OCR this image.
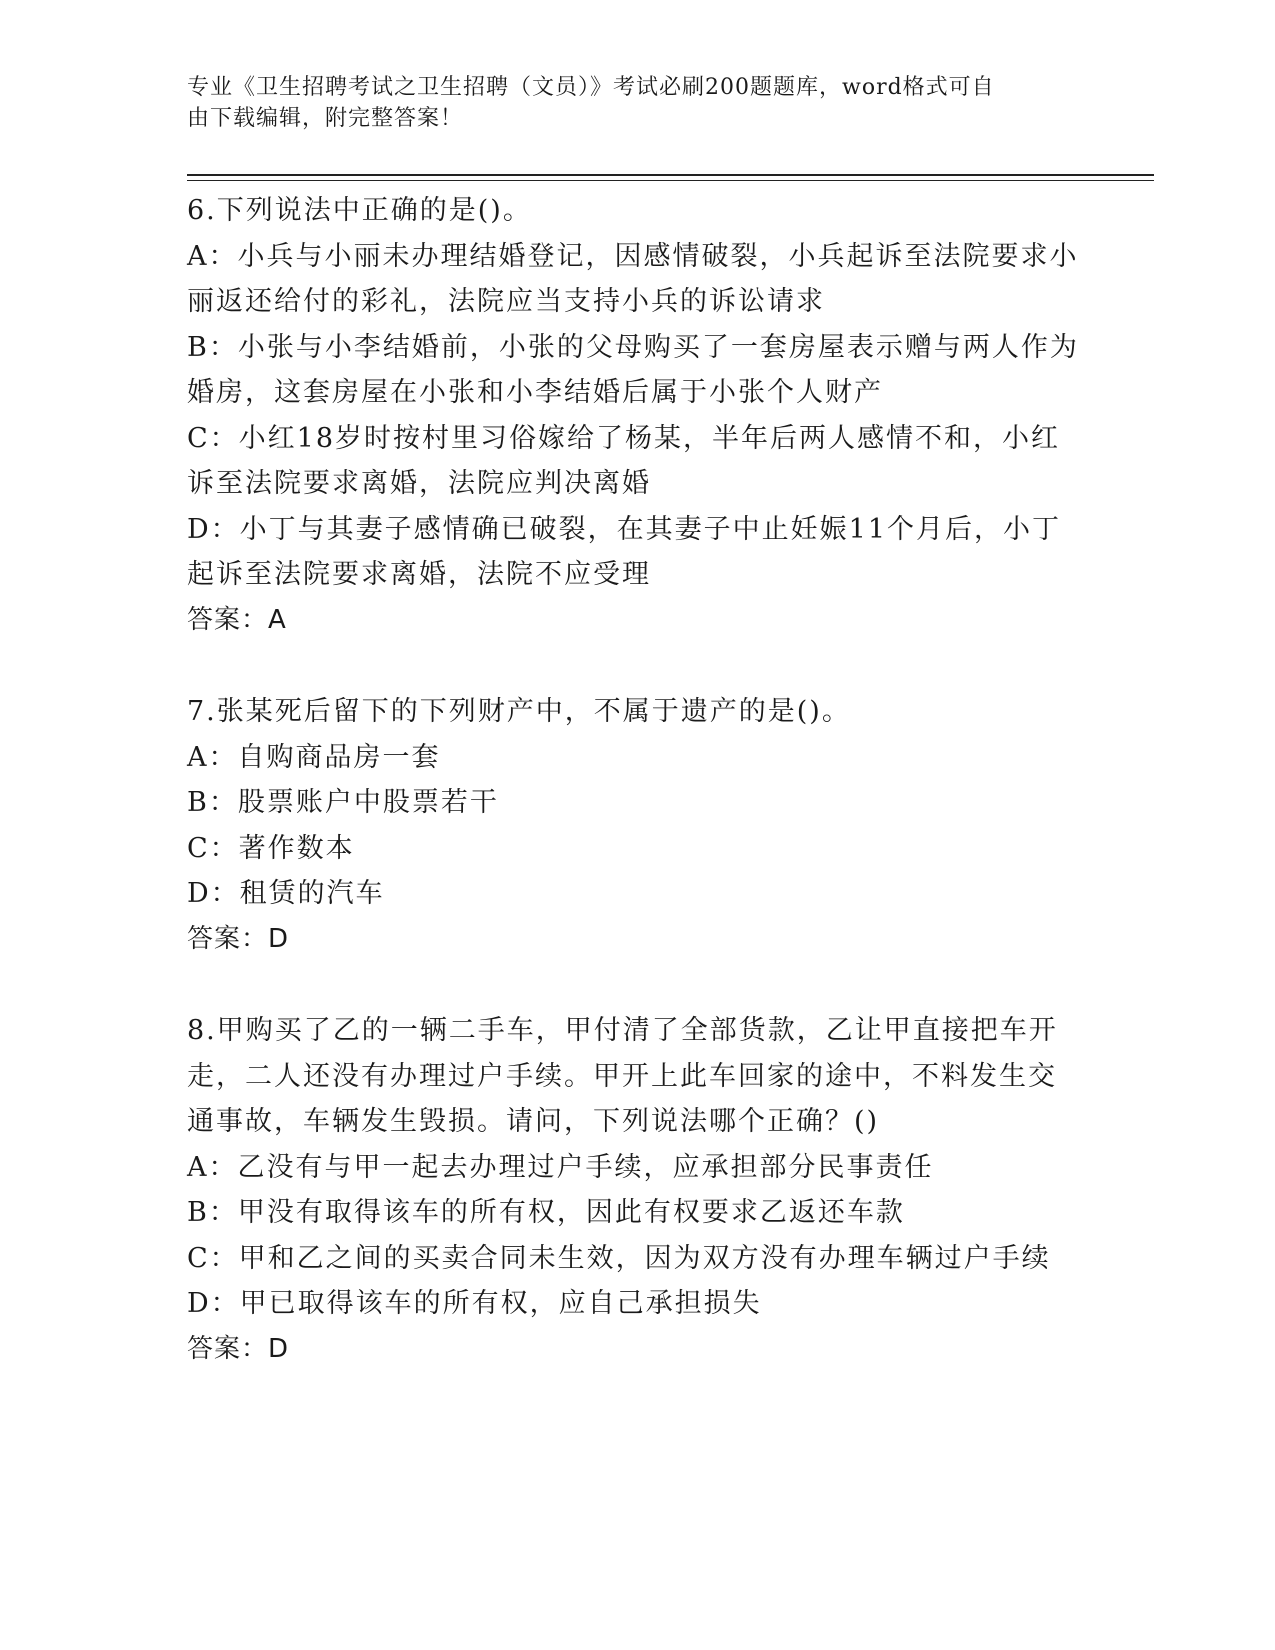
专业《卫生招聘考试之卫生招聘（文员）》考试必刷200题题库，word格式可自
由下载编辑，附完整答案！
6.下列说法中正确的是()。
A：小兵与小丽未办理结婚登记，因感情破裂，小兵起诉至法院要求小
丽返还给付的彩礼，法院应当支持小兵的诉讼请求
B：小张与小李结婚前，小张的父母购买了一套房屋表示赠与两人作为
婚房，这套房屋在小张和小李结婚后属于小张个人财产
C：小红18岁时按村里习俗嫁给了杨某，半年后两人感情不和，小红
诉至法院要求离婚，法院应判决离婚
D：小丁与其妻子感情确已破裂，在其妻子中止妊娠11个月后，小丁
起诉至法院要求离婚，法院不应受理
答案：A
7.张某死后留下的下列财产中，不属于遗产的是()。
A：自购商品房一套
B：股票账户中股票若干
C：著作数本
D：租赁的汽车
答案：D
8.甲购买了乙的一辆二手车，甲付清了全部货款，乙让甲直接把车开
走，二人还没有办理过户手续。甲开上此车回家的途中，不料发生交
通事故，车辆发生毁损。请问，下列说法哪个正确？()
A：乙没有与甲一起去办理过户手续，应承担部分民事责任
B：甲没有取得该车的所有权，因此有权要求乙返还车款
C：甲和乙之间的买卖合同未生效，因为双方没有办理车辆过户手续
D：甲已取得该车的所有权，应自己承担损失
答案：D
